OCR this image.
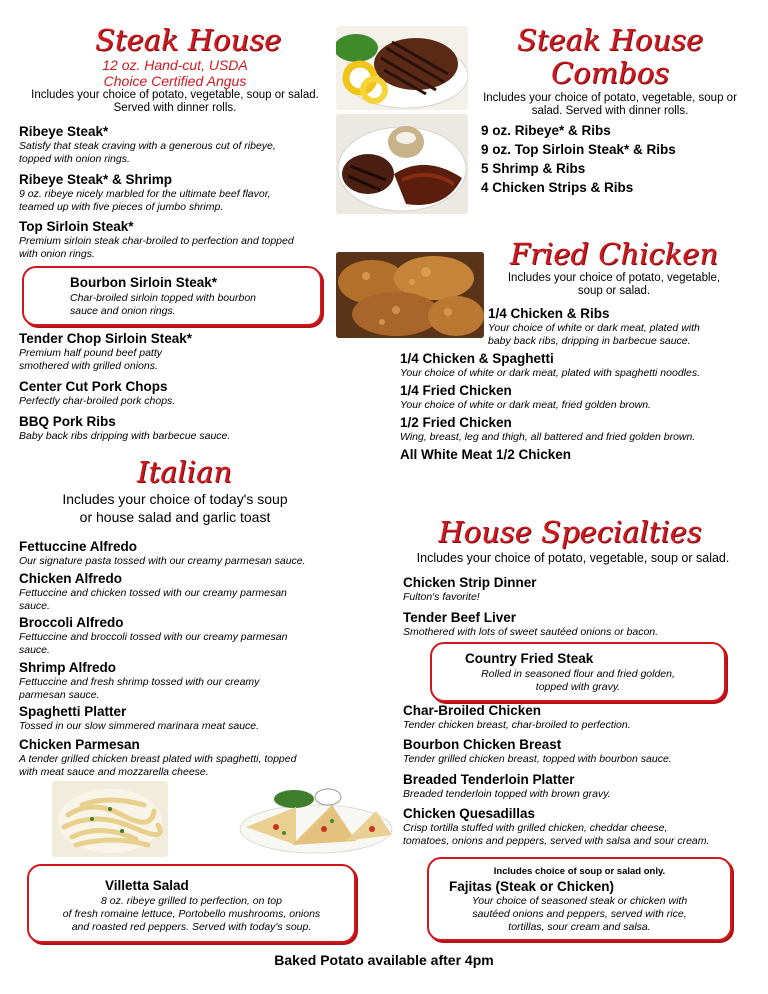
Steak House
12 oz. Hand-cut, USDA
Choice Certified Angus
Includes your choice of potato, vegetable, soup or salad.
Served with dinner rolls.
Ribeye Steak*
Satisfy that steak craving with a generous cut of ribeye,
topped with onion rings.
Ribeye Steak* & Shrimp
9 oz. ribeye nicely marbled for the ultimate beef flavor,
teamed up with five pieces of jumbo shrimp.
Top Sirloin Steak*
Premium sirloin steak char-broiled to perfection and topped
with onion rings.
Bourbon Sirloin Steak*
Char-broiled sirloin topped with bourbon
sauce and onion rings.
Tender Chop Sirloin Steak*
Premium half pound beef patty
smothered with grilled onions.
Center Cut Pork Chops
Perfectly char-broiled pork chops.
BBQ Pork Ribs
Baby back ribs dripping with barbecue sauce.
Steak House
Combos
Includes your choice of potato, vegetable, soup or
salad. Served with dinner rolls.
9 oz. Ribeye* & Ribs
9 oz. Top Sirloin Steak* & Ribs
5 Shrimp & Ribs
4 Chicken Strips & Ribs
Fried Chicken
Includes your choice of potato, vegetable,
soup or salad.
1/4 Chicken & Ribs
Your choice of white or dark meat, plated with
baby back ribs, dripping in barbecue sauce.
1/4 Chicken & Spaghetti
Your choice of white or dark meat, plated with spaghetti noodles.
1/4 Fried Chicken
Your choice of white or dark meat, fried golden brown.
1/2 Fried Chicken
Wing, breast, leg and thigh, all battered and fried golden brown.
All White Meat 1/2 Chicken
Italian
Includes your choice of today's soup
or house salad and garlic toast
Fettuccine Alfredo
Our signature pasta tossed with our creamy parmesan sauce.
Chicken Alfredo
Fettuccine and chicken tossed with our creamy parmesan
sauce.
Broccoli Alfredo
Fettuccine and broccoli tossed with our creamy parmesan
sauce.
Shrimp Alfredo
Fettuccine and fresh shrimp tossed with our creamy
parmesan sauce.
Spaghetti Platter
Tossed in our slow simmered marinara meat sauce.
Chicken Parmesan
A tender grilled chicken breast plated with spaghetti, topped
with meat sauce and mozzarella cheese.
Villetta Salad
8 oz. ribeye grilled to perfection, on top
of fresh romaine lettuce, Portobello mushrooms, onions
and roasted red peppers. Served with today's soup.
House Specialties
Includes your choice of potato, vegetable, soup or salad.
Chicken Strip Dinner
Fulton's favorite!
Tender Beef Liver
Smothered with lots of sweet sautéed onions or bacon.
Country Fried Steak
Rolled in seasoned flour and fried golden,
topped with gravy.
Char-Broiled Chicken
Tender chicken breast, char-broiled to perfection.
Bourbon Chicken Breast
Tender grilled chicken breast, topped with bourbon sauce.
Breaded Tenderloin Platter
Breaded tenderloin topped with brown gravy.
Chicken Quesadillas
Crisp tortilla stuffed with grilled chicken, cheddar cheese,
tomatoes, onions and peppers, served with salsa and sour cream.
Includes choice of soup or salad only.
Fajitas (Steak or Chicken)
Your choice of seasoned steak or chicken with
sautéed onions and peppers, served with rice,
tortillas, sour cream and salsa.
Baked Potato available after 4pm
